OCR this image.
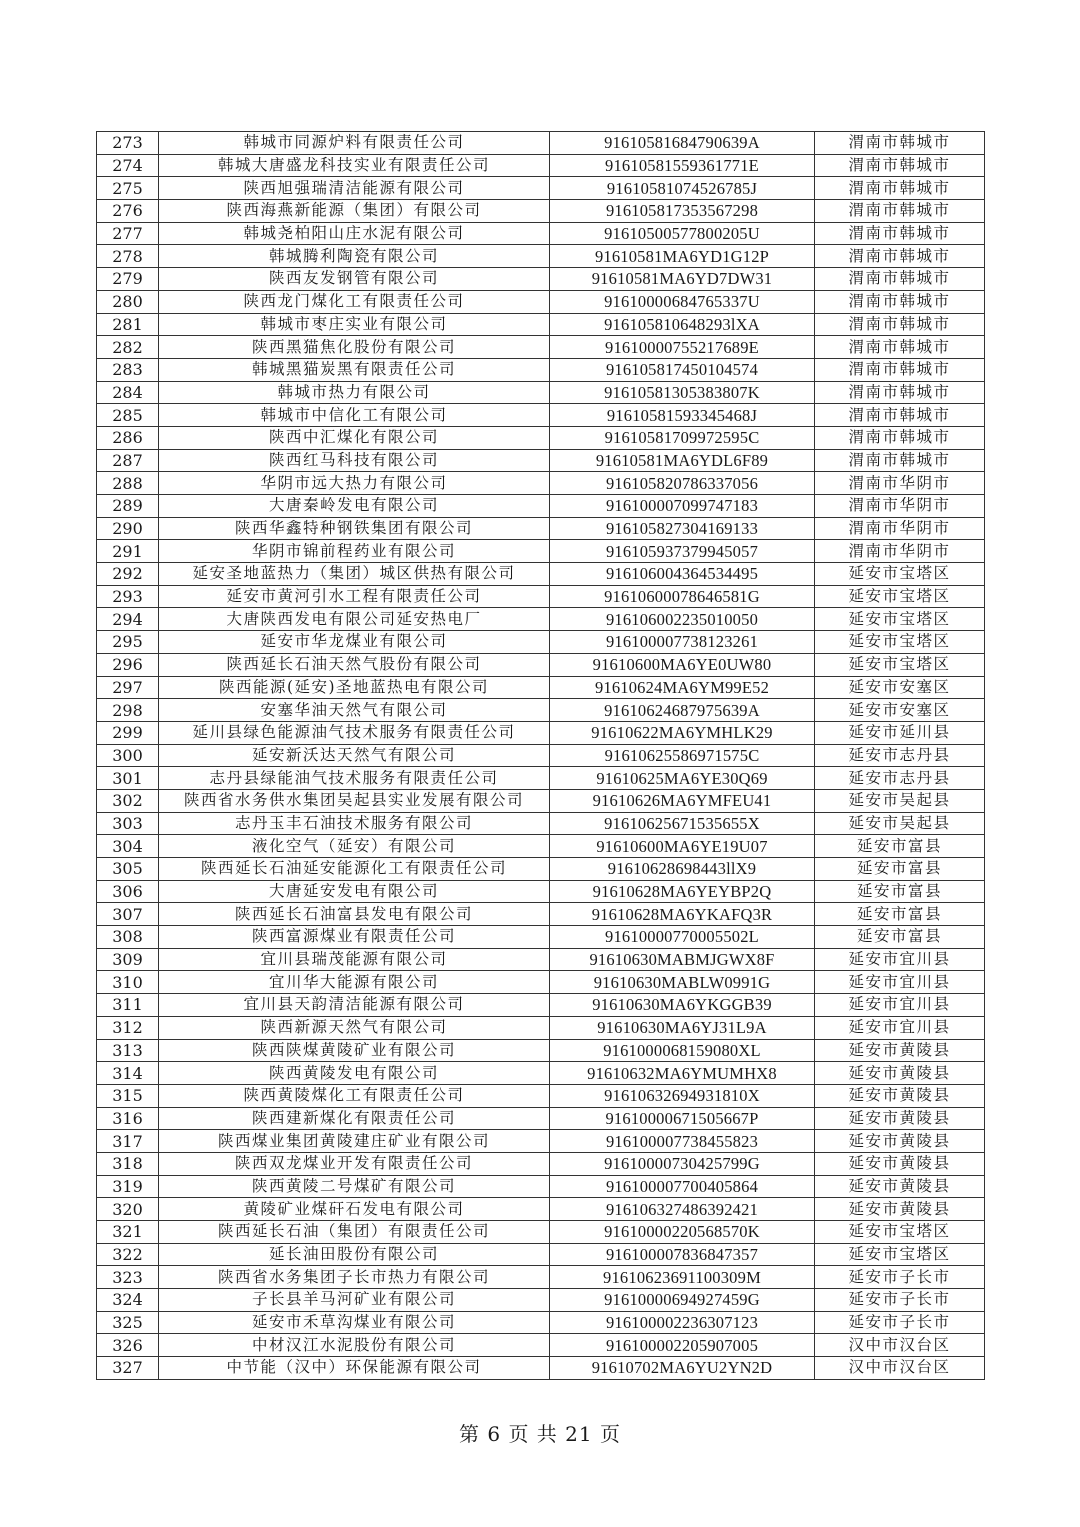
273	韩城市同源炉料有限责任公司	91610581684790639A	渭南市韩城市
274	韩城大唐盛龙科技实业有限责任公司	91610581559361771E	渭南市韩城市
275	陕西旭强瑞清洁能源有限公司	91610581074526785J	渭南市韩城市
276	陕西海燕新能源（集团）有限公司	916105817353567298	渭南市韩城市
277	韩城尧柏阳山庄水泥有限公司	91610500577800205U	渭南市韩城市
278	韩城腾利陶瓷有限公司	91610581MA6YD1G12P	渭南市韩城市
279	陕西友发钢管有限公司	91610581MA6YD7DW31	渭南市韩城市
280	陕西龙门煤化工有限责任公司	91610000684765337U	渭南市韩城市
281	韩城市枣庄实业有限公司	916105810648293lXA	渭南市韩城市
282	陕西黑猫焦化股份有限公司	91610000755217689E	渭南市韩城市
283	韩城黑猫炭黑有限责任公司	916105817450104574	渭南市韩城市
284	韩城市热力有限公司	91610581305383807K	渭南市韩城市
285	韩城市中信化工有限公司	91610581593345468J	渭南市韩城市
286	陕西中汇煤化有限公司	91610581709972595C	渭南市韩城市
287	陕西红马科技有限公司	91610581MA6YDL6F89	渭南市韩城市
288	华阴市远大热力有限公司	916105820786337056	渭南市华阴市
289	大唐秦岭发电有限公司	916100007099747183	渭南市华阴市
290	陕西华鑫特种钢铁集团有限公司	916105827304169133	渭南市华阴市
291	华阴市锦前程药业有限公司	916105937379945057	渭南市华阴市
292	延安圣地蓝热力（集团）城区供热有限公司	916106004364534495	延安市宝塔区
293	延安市黄河引水工程有限责任公司	91610600078646581G	延安市宝塔区
294	大唐陕西发电有限公司延安热电厂	916106002235010050	延安市宝塔区
295	延安市华龙煤业有限公司	916100007738123261	延安市宝塔区
296	陕西延长石油天然气股份有限公司	91610600MA6YE0UW80	延安市宝塔区
297	陕西能源(延安)圣地蓝热电有限公司	91610624MA6YM99E52	延安市安塞区
298	安塞华油天然气有限公司	91610624687975639A	延安市安塞区
299	延川县绿色能源油气技术服务有限责任公司	91610622MA6YMHLK29	延安市延川县
300	延安新沃达天然气有限公司	91610625586971575C	延安市志丹县
301	志丹县绿能油气技术服务有限责任公司	91610625MA6YE30Q69	延安市志丹县
302	陕西省水务供水集团吴起县实业发展有限公司	91610626MA6YMFEU41	延安市吴起县
303	志丹玉丰石油技术服务有限公司	91610625671535655X	延安市吴起县
304	液化空气（延安）有限公司	91610600MA6YE19U07	延安市富县
305	陕西延长石油延安能源化工有限责任公司	91610628698443llX9	延安市富县
306	大唐延安发电有限公司	91610628MA6YEYBP2Q	延安市富县
307	陕西延长石油富县发电有限公司	91610628MA6YKAFQ3R	延安市富县
308	陕西富源煤业有限责任公司	91610000770005502L	延安市富县
309	宜川县瑞茂能源有限公司	91610630MABMJGWX8F	延安市宜川县
310	宜川华大能源有限公司	91610630MABLW0991G	延安市宜川县
311	宜川县天韵清洁能源有限公司	91610630MA6YKGGB39	延安市宜川县
312	陕西新源天然气有限公司	91610630MA6YJ31L9A	延安市宜川县
313	陕西陕煤黄陵矿业有限公司	9161000068159080XL	延安市黄陵县
314	陕西黄陵发电有限公司	91610632MA6YMUMHX8	延安市黄陵县
315	陕西黄陵煤化工有限责任公司	91610632694931810X	延安市黄陵县
316	陕西建新煤化有限责任公司	91610000671505667P	延安市黄陵县
317	陕西煤业集团黄陵建庄矿业有限公司	916100007738455823	延安市黄陵县
318	陕西双龙煤业开发有限责任公司	91610000730425799G	延安市黄陵县
319	陕西黄陵二号煤矿有限公司	916100007700405864	延安市黄陵县
320	黄陵矿业煤矸石发电有限公司	916106327486392421	延安市黄陵县
321	陕西延长石油（集团）有限责任公司	91610000220568570K	延安市宝塔区
322	延长油田股份有限公司	916100007836847357	延安市宝塔区
323	陕西省水务集团子长市热力有限公司	91610623691100309M	延安市子长市
324	子长县羊马河矿业有限公司	91610000694927459G	延安市子长市
325	延安市禾草沟煤业有限公司	916100002236307123	延安市子长市
326	中材汉江水泥股份有限公司	916100002205907005	汉中市汉台区
327	中节能（汉中）环保能源有限公司	91610702MA6YU2YN2D	汉中市汉台区
第 6 页 共 21 页
